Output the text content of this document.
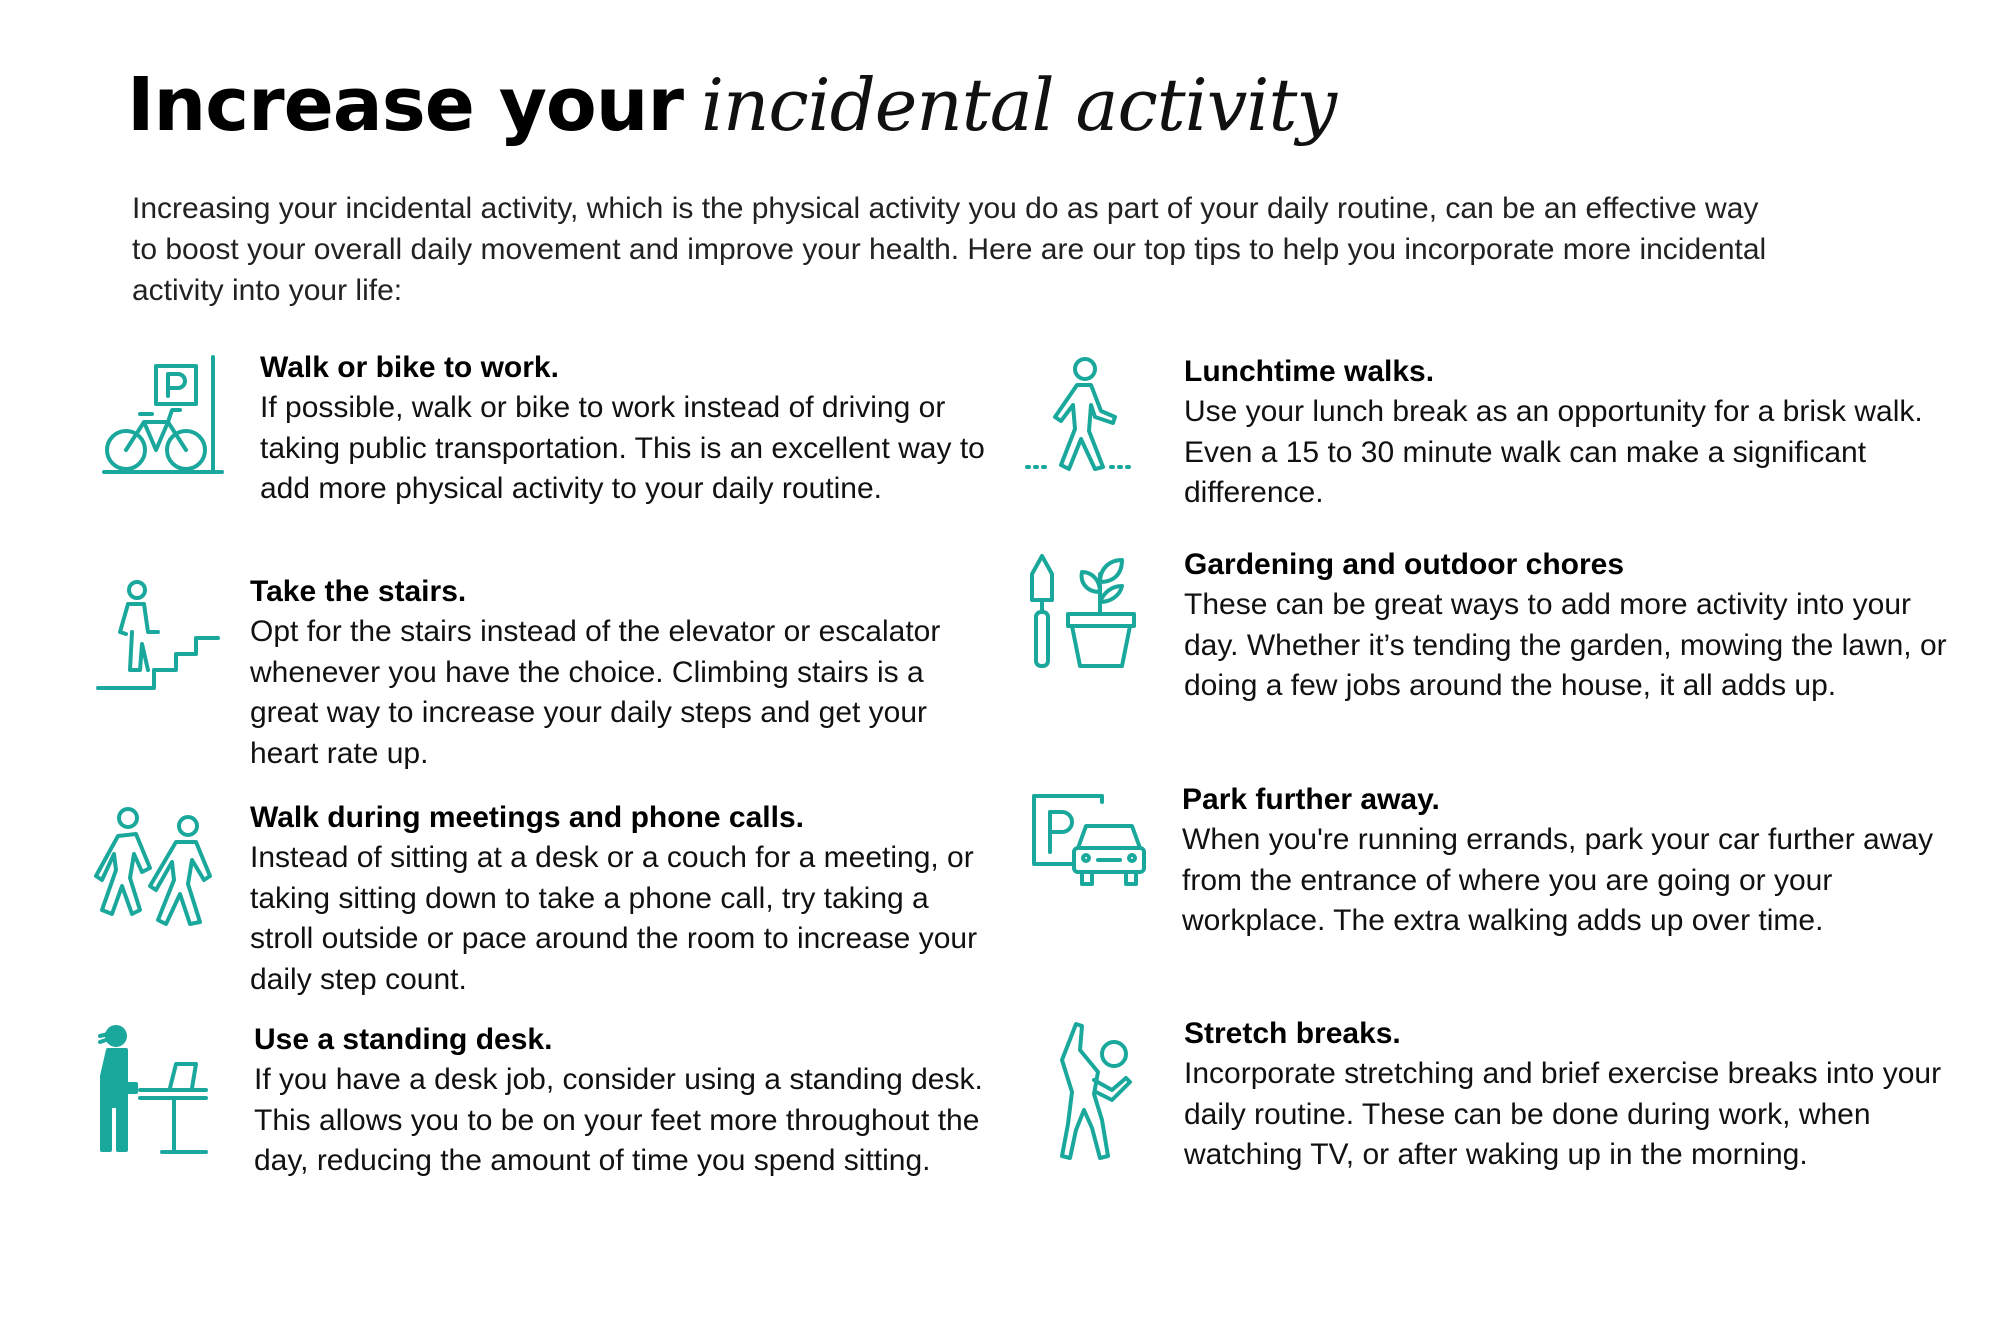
Increase your incidental activity
Increasing your incidental activity, which is the physical activity you do as part of your daily routine, can be an effective way to boost your overall daily movement and improve your health. Here are our top tips to help you incorporate more incidental activity into your life:
Walk or bike to work.
If possible, walk or bike to work instead of driving or taking public transportation. This is an excellent way to add more physical activity to your daily routine.
Take the stairs.
Opt for the stairs instead of the elevator or escalator whenever you have the choice. Climbing stairs is a great way to increase your daily steps and get your heart rate up.
Walk during meetings and phone calls.
Instead of sitting at a desk or a couch for a meeting, or taking sitting down to take a phone call, try taking a stroll outside or pace around the room to increase your daily step count.
Use a standing desk.
If you have a desk job, consider using a standing desk. This allows you to be on your feet more throughout the day, reducing the amount of time you spend sitting.
Lunchtime walks.
Use your lunch break as an opportunity for a brisk walk. Even a 15 to 30 minute walk can make a significant difference.
Gardening and outdoor chores
These can be great ways to add more activity into your day. Whether it’s tending the garden, mowing the lawn, or doing a few jobs around the house, it all adds up.
Park further away.
When you're running errands, park your car further away from the entrance of where you are going or your workplace. The extra walking adds up over time.
Stretch breaks.
Incorporate stretching and brief exercise breaks into your daily routine. These can be done during work, when watching TV, or after waking up in the morning.
